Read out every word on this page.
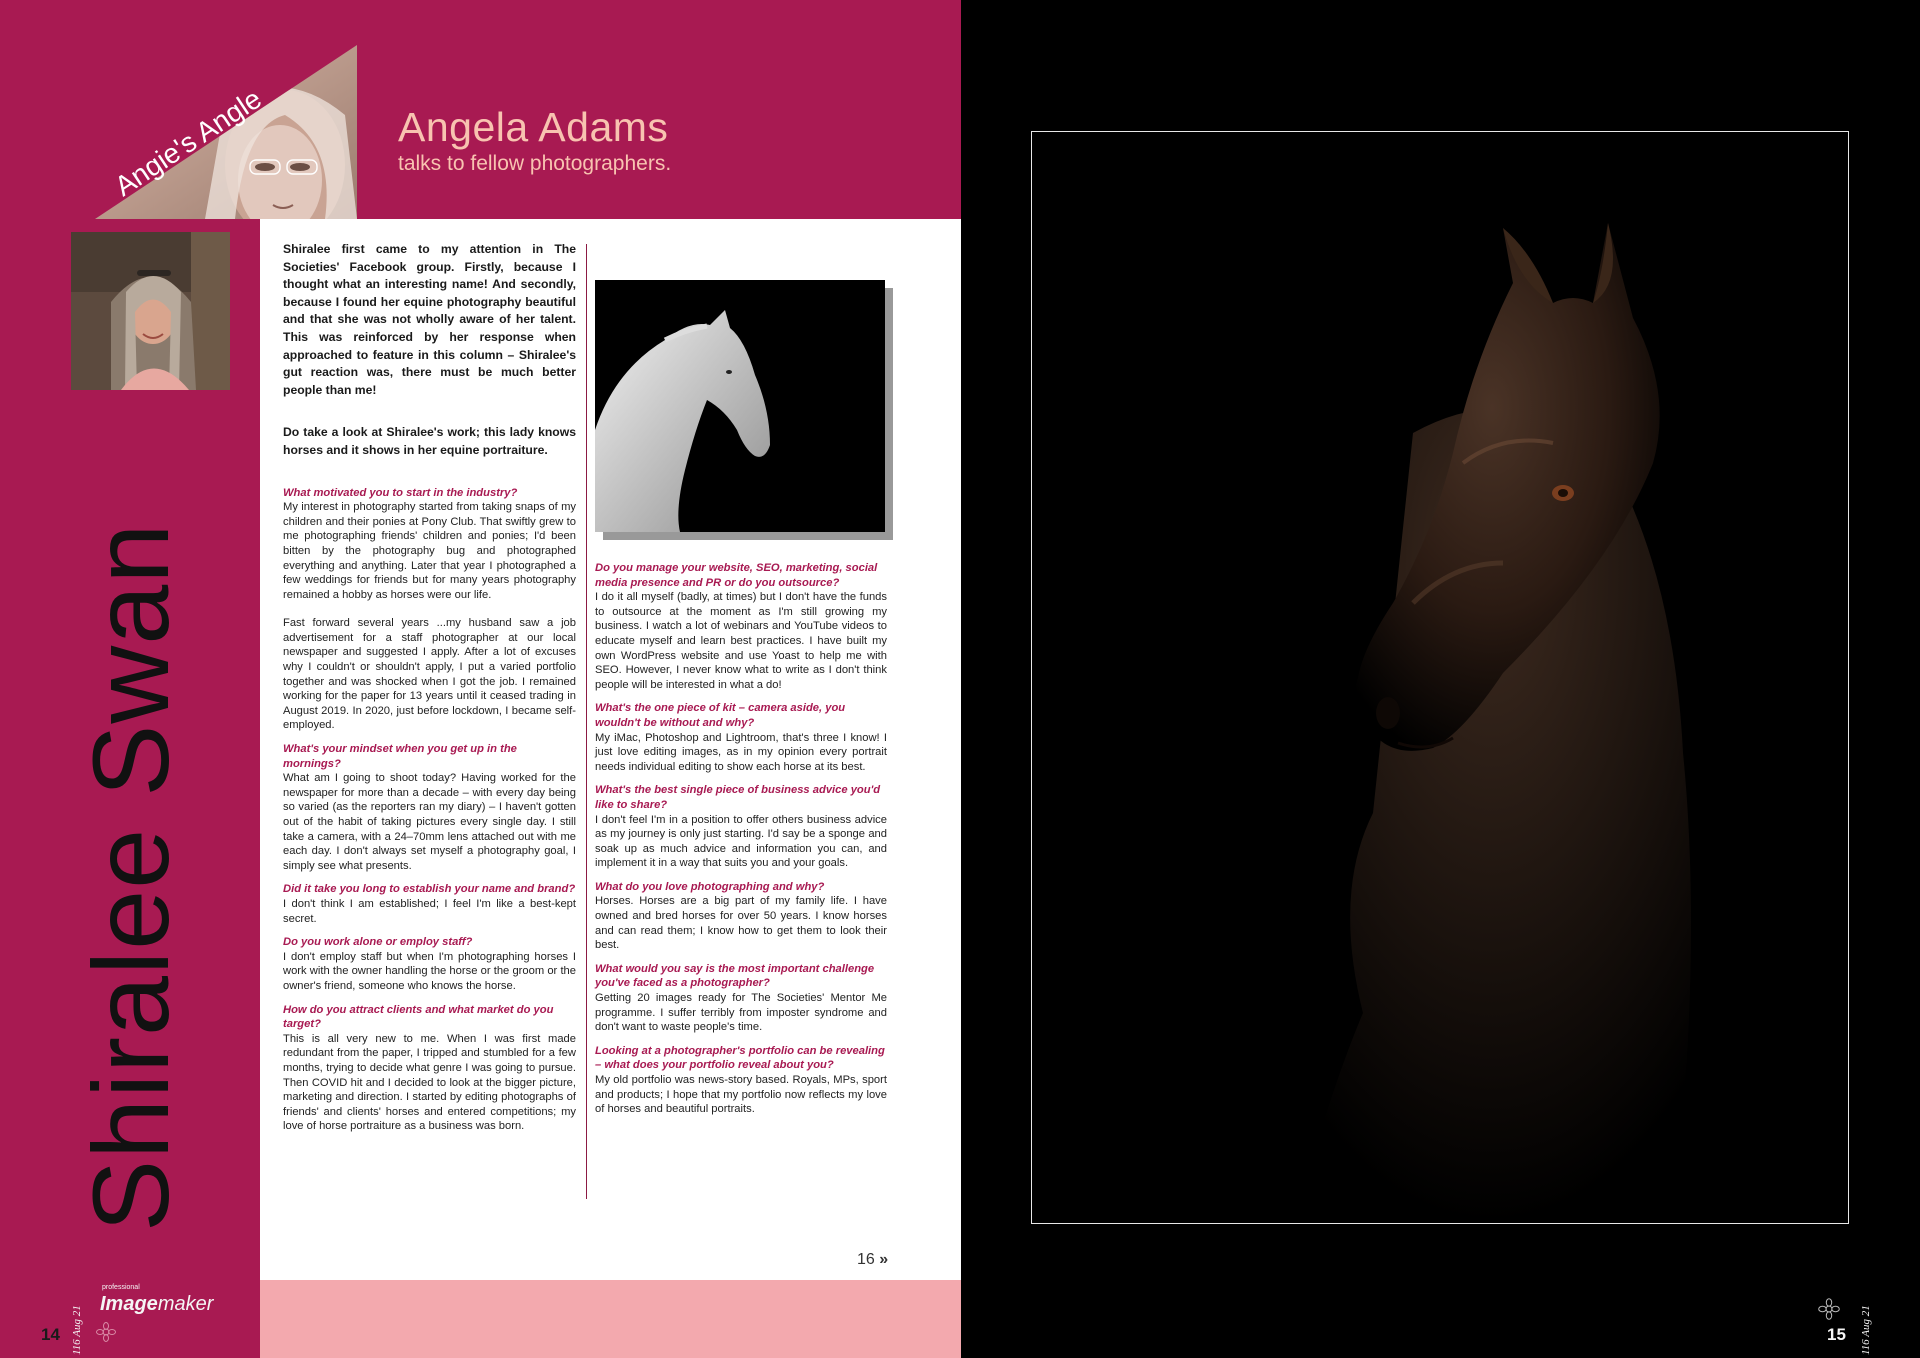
Angie's Angle	Angela Adams
talks to fellow photographers.
Shiralee Swan

Shiralee first came to my attention in The Societies' Facebook group. Firstly, because I thought what an interesting name! And secondly, because I found her equine photography beautiful and that she was not wholly aware of her talent. This was reinforced by her response when approached to feature in this column – Shiralee's gut reaction was, there must be much better people than me!

Do take a look at Shiralee's work; this lady knows horses and it shows in her equine portraiture.

What motivated you to start in the industry?

My interest in photography started from taking snaps of my children and their ponies at Pony Club. That swiftly grew to me photographing friends' children and ponies; I'd been bitten by the photography bug and photographed everything and anything. Later that year I photographed a few weddings for friends but for many years photography remained a hobby as horses were our life.

Fast forward several years ...my husband saw a job advertisement for a staff photographer at our local newspaper and suggested I apply. After a lot of excuses why I couldn't or shouldn't apply, I put a varied portfolio together and was shocked when I got the job. I remained working for the paper for 13 years until it ceased trading in August 2019. In 2020, just before lockdown, I became self-employed.

What's your mindset when you get up in the mornings?

What am I going to shoot today? Having worked for the newspaper for more than a decade – with every day being so varied (as the reporters ran my diary) – I haven't gotten out of the habit of taking pictures every single day. I still take a camera, with a 24–70mm lens attached out with me each day. I don't always set myself a photography goal, I simply see what presents.

Did it take you long to establish your name and brand?

I don't think I am established; I feel I'm like a best-kept secret.

Do you work alone or employ staff?

I don't employ staff but when I'm photographing horses I work with the owner handling the horse or the groom or the owner's friend, someone who knows the horse.

How do you attract clients and what market do you target?

This is all very new to me. When I was first made redundant from the paper, I tripped and stumbled for a few months, trying to decide what genre I was going to pursue. Then COVID hit and I decided to look at the bigger picture, marketing and direction. I started by editing photographs of friends' and clients' horses and entered competitions; my love of horse portraiture as a business was born.

Do you manage your website, SEO, marketing, social media presence and PR or do you outsource?

I do it all myself (badly, at times) but I don't have the funds to outsource at the moment as I'm still growing my business. I watch a lot of webinars and YouTube videos to educate myself and learn best practices. I have built my own WordPress website and use Yoast to help me with SEO. However, I never know what to write as I don't think people will be interested in what a do!

What's the one piece of kit – camera aside, you wouldn't be without and why?

My iMac, Photoshop and Lightroom, that's three I know! I just love editing images, as in my opinion every portrait needs individual editing to show each horse at its best.

What's the best single piece of business advice you'd like to share?

I don't feel I'm in a position to offer others business advice as my journey is only just starting. I'd say be a sponge and soak up as much advice and information you can, and implement it in a way that suits you and your goals.

What do you love photographing and why?

Horses. Horses are a big part of my family life. I have owned and bred horses for over 50 years. I know horses and can read them; I know how to get them to look their best.

What would you say is the most important challenge you've faced as a photographer?

Getting 20 images ready for The Societies' Mentor Me programme. I suffer terribly from imposter syndrome and don't want to waste people's time.

Looking at a photographer's portfolio can be revealing – what does your portfolio reveal about you?

My old portfolio was news-story based. Royals, MPs, sport and products; I hope that my portfolio now reflects my love of horses and beautiful portraits.

16 »
116 Aug 21
14
professional
Imagemaker
116 Aug 21
15
